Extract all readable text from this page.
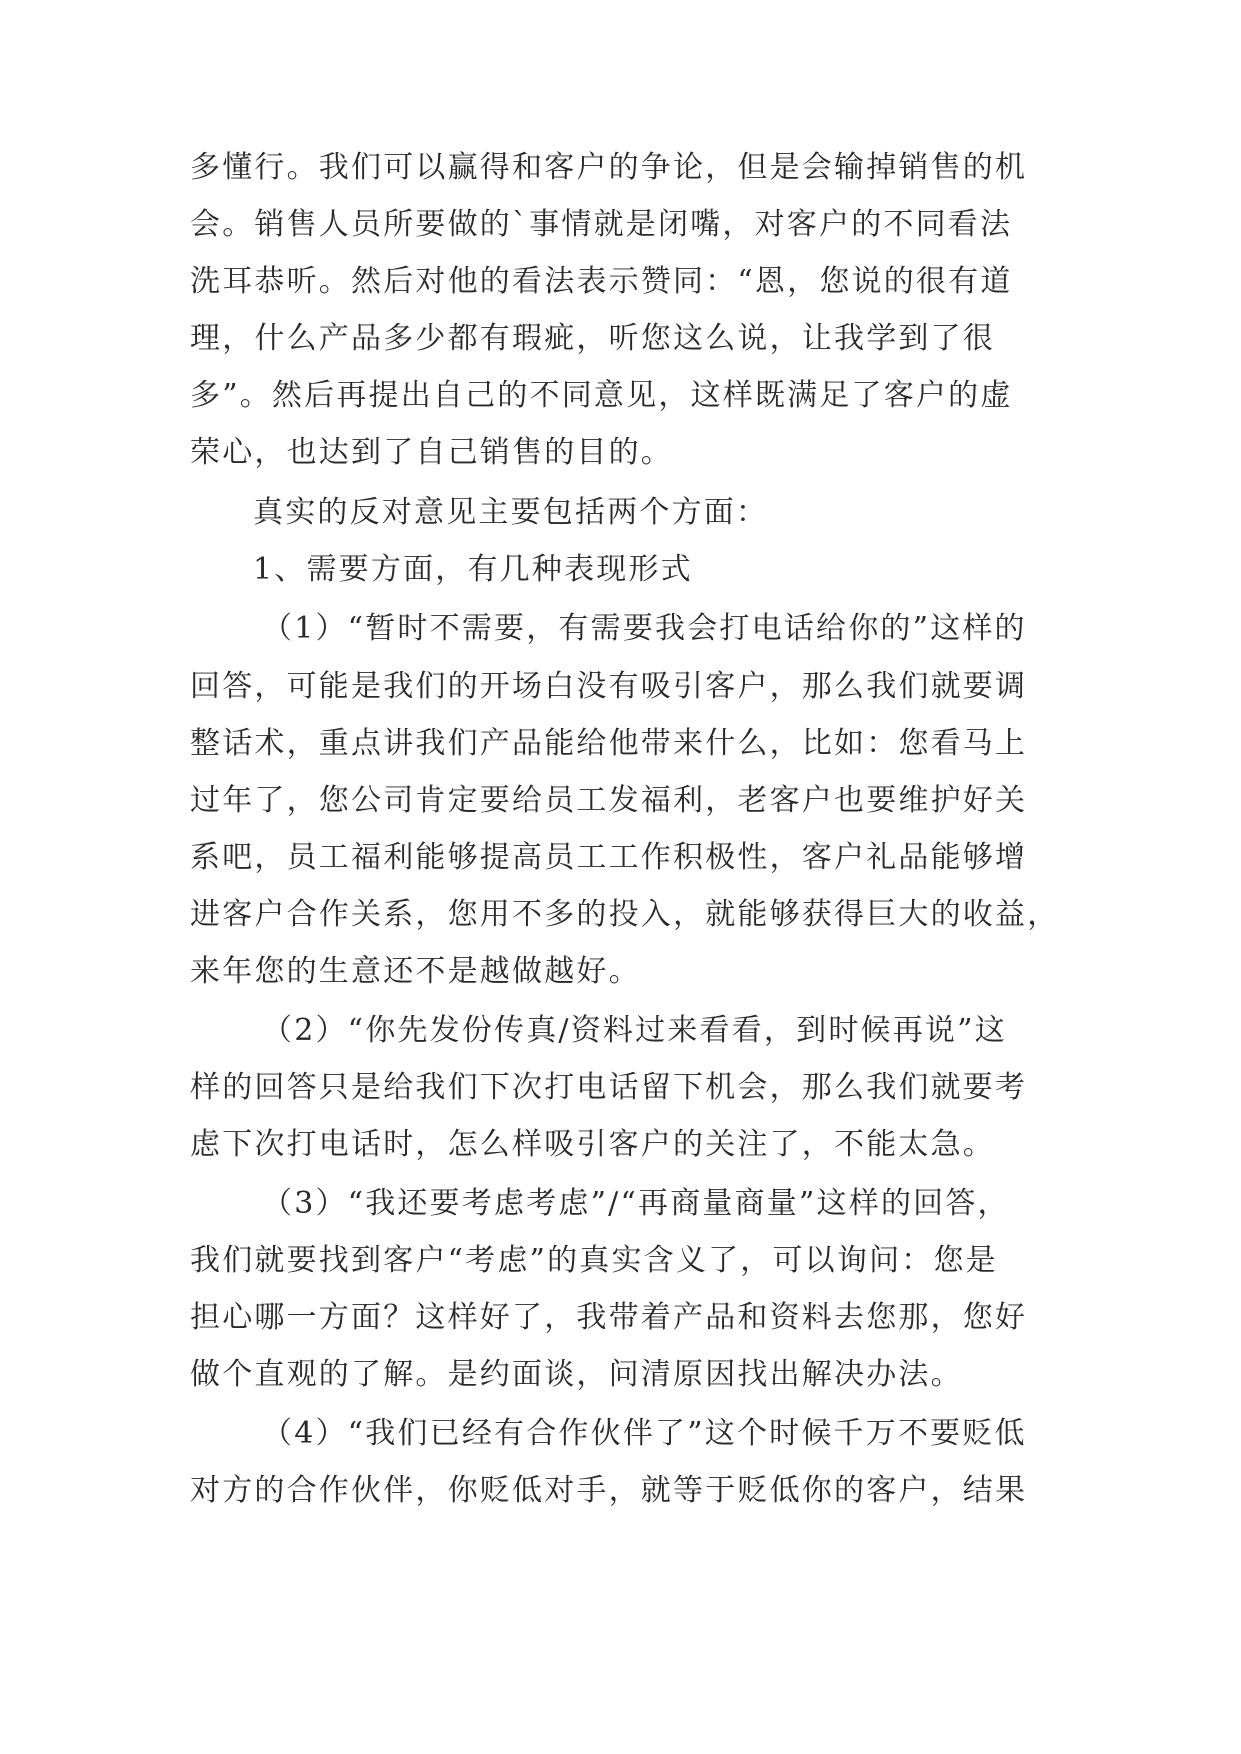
多懂行。我们可以赢得和客户的争论，但是会输掉销售的机
会。销售人员所要做的`事情就是闭嘴，对客户的不同看法
洗耳恭听。然后对他的看法表示赞同：“恩，您说的很有道
理，什么产品多少都有瑕疵，听您这么说，让我学到了很
多”。然后再提出自己的不同意见，这样既满足了客户的虚
荣心，也达到了自己销售的目的。
真实的反对意见主要包括两个方面：
1、需要方面，有几种表现形式
（1）“暂时不需要，有需要我会打电话给你的”这样的
回答，可能是我们的开场白没有吸引客户，那么我们就要调
整话术，重点讲我们产品能给他带来什么，比如：您看马上
过年了，您公司肯定要给员工发福利，老客户也要维护好关
系吧，员工福利能够提高员工工作积极性，客户礼品能够增
进客户合作关系，您用不多的投入，就能够获得巨大的收益，
来年您的生意还不是越做越好。
（2）“你先发份传真/资料过来看看，到时候再说”这
样的回答只是给我们下次打电话留下机会，那么我们就要考
虑下次打电话时，怎么样吸引客户的关注了，不能太急。
（3）“我还要考虑考虑”/“再商量商量”这样的回答，
我们就要找到客户“考虑”的真实含义了，可以询问：您是
担心哪一方面？这样好了，我带着产品和资料去您那，您好
做个直观的了解。是约面谈，问清原因找出解决办法。
（4）“我们已经有合作伙伴了”这个时候千万不要贬低
对方的合作伙伴，你贬低对手，就等于贬低你的客户，结果
